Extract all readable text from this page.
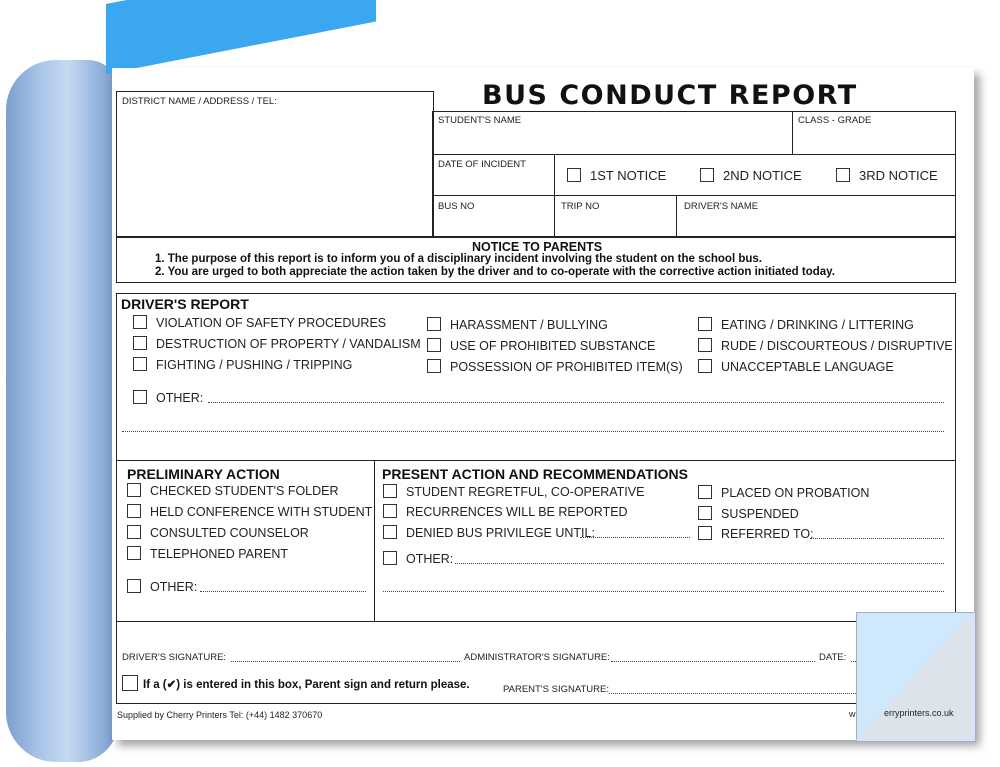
BUS CONDUCT REPORT
DISTRICT NAME / ADDRESS / TEL:
STUDENT'S NAME	CLASS - GRADE
DATE OF INCIDENT
1ST NOTICE	2ND NOTICE	3RD NOTICE
BUS NO	TRIP NO	DRIVER'S NAME
NOTICE TO PARENTS
1. The purpose of this report is to inform you of a disciplinary incident involving the student on the school bus.
2. You are urged to both appreciate the action taken by the driver and to co-operate with the corrective action initiated today.
DRIVER'S REPORT
VIOLATION OF SAFETY PROCEDURES
DESTRUCTION OF PROPERTY / VANDALISM
FIGHTING / PUSHING / TRIPPING
HARASSMENT / BULLYING
USE OF PROHIBITED SUBSTANCE
POSSESSION OF PROHIBITED ITEM(S)
EATING / DRINKING / LITTERING
RUDE / DISCOURTEOUS / DISRUPTIVE
UNACCEPTABLE LANGUAGE
OTHER:
PRELIMINARY ACTION
CHECKED STUDENT'S FOLDER
HELD CONFERENCE WITH STUDENT
CONSULTED COUNSELOR
TELEPHONED PARENT
OTHER:
PRESENT ACTION AND RECOMMENDATIONS
STUDENT REGRETFUL, CO-OPERATIVE
RECURRENCES WILL BE REPORTED
DENIED BUS PRIVILEGE UNTIL:
PLACED ON PROBATION
SUSPENDED
REFERRED TO:
OTHER:
DRIVER'S SIGNATURE:	ADMINISTRATOR'S SIGNATURE:	DATE:
If a (✔) is entered in this box, Parent sign and return please.	PARENT'S SIGNATURE:
Supplied by Cherry Printers Tel: (+44) 1482 370670	w	erryprinters.co.uk
